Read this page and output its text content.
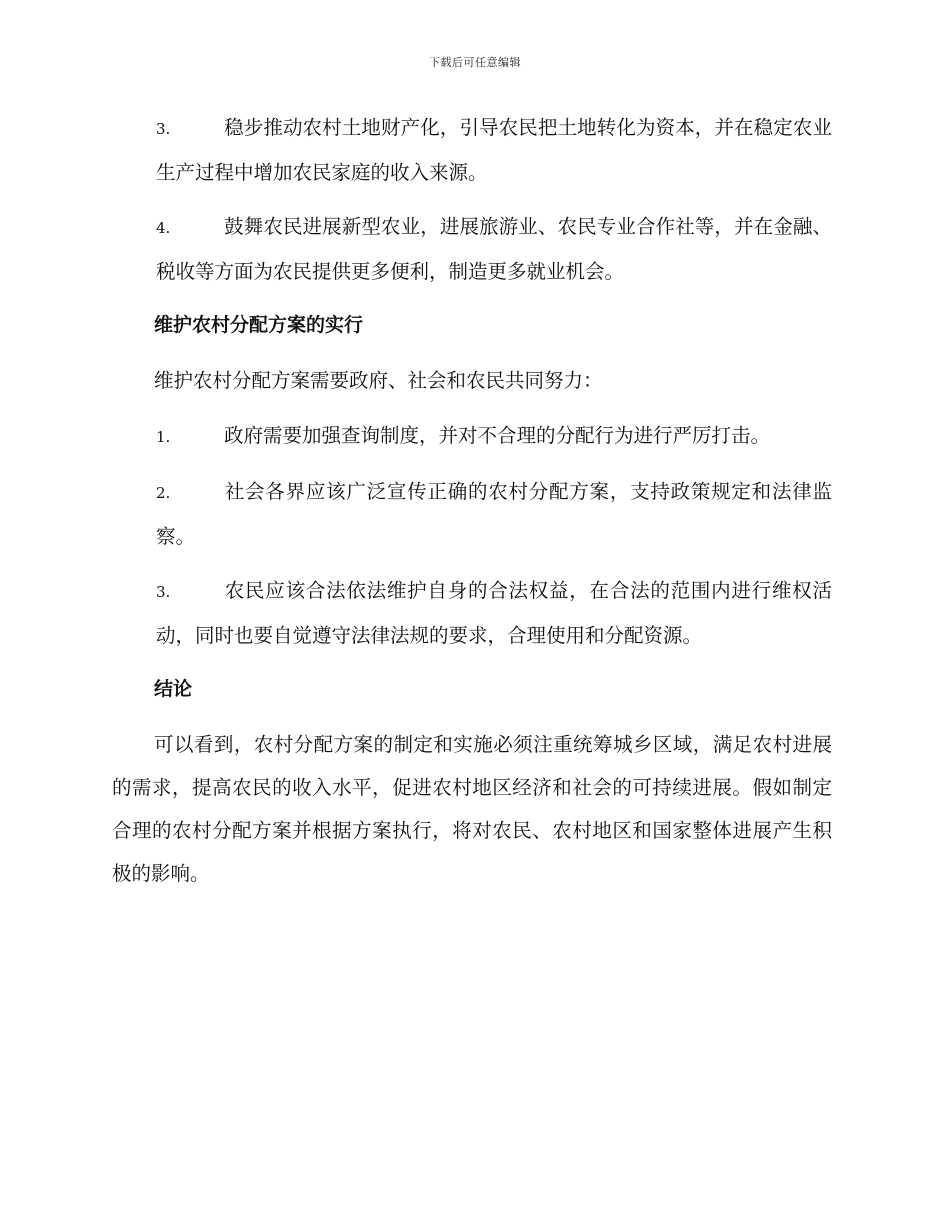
下载后可任意编辑

3.	稳步推动农村土地财产化，引导农民把土地转化为资本，并在稳定农业生产过程中增加农民家庭的收入来源。

4.	鼓舞农民进展新型农业，进展旅游业、农民专业合作社等，并在金融、税收等方面为农民提供更多便利，制造更多就业机会。

维护农村分配方案的实行

维护农村分配方案需要政府、社会和农民共同努力：

1.	政府需要加强查询制度，并对不合理的分配行为进行严厉打击。

2.	社会各界应该广泛宣传正确的农村分配方案，支持政策规定和法律监察。

3.	农民应该合法依法维护自身的合法权益，在合法的范围内进行维权活动，同时也要自觉遵守法律法规的要求，合理使用和分配资源。

结论

可以看到，农村分配方案的制定和实施必须注重统筹城乡区域，满足农村进展的需求，提高农民的收入水平，促进农村地区经济和社会的可持续进展。假如制定合理的农村分配方案并根据方案执行，将对农民、农村地区和国家整体进展产生积极的影响。
